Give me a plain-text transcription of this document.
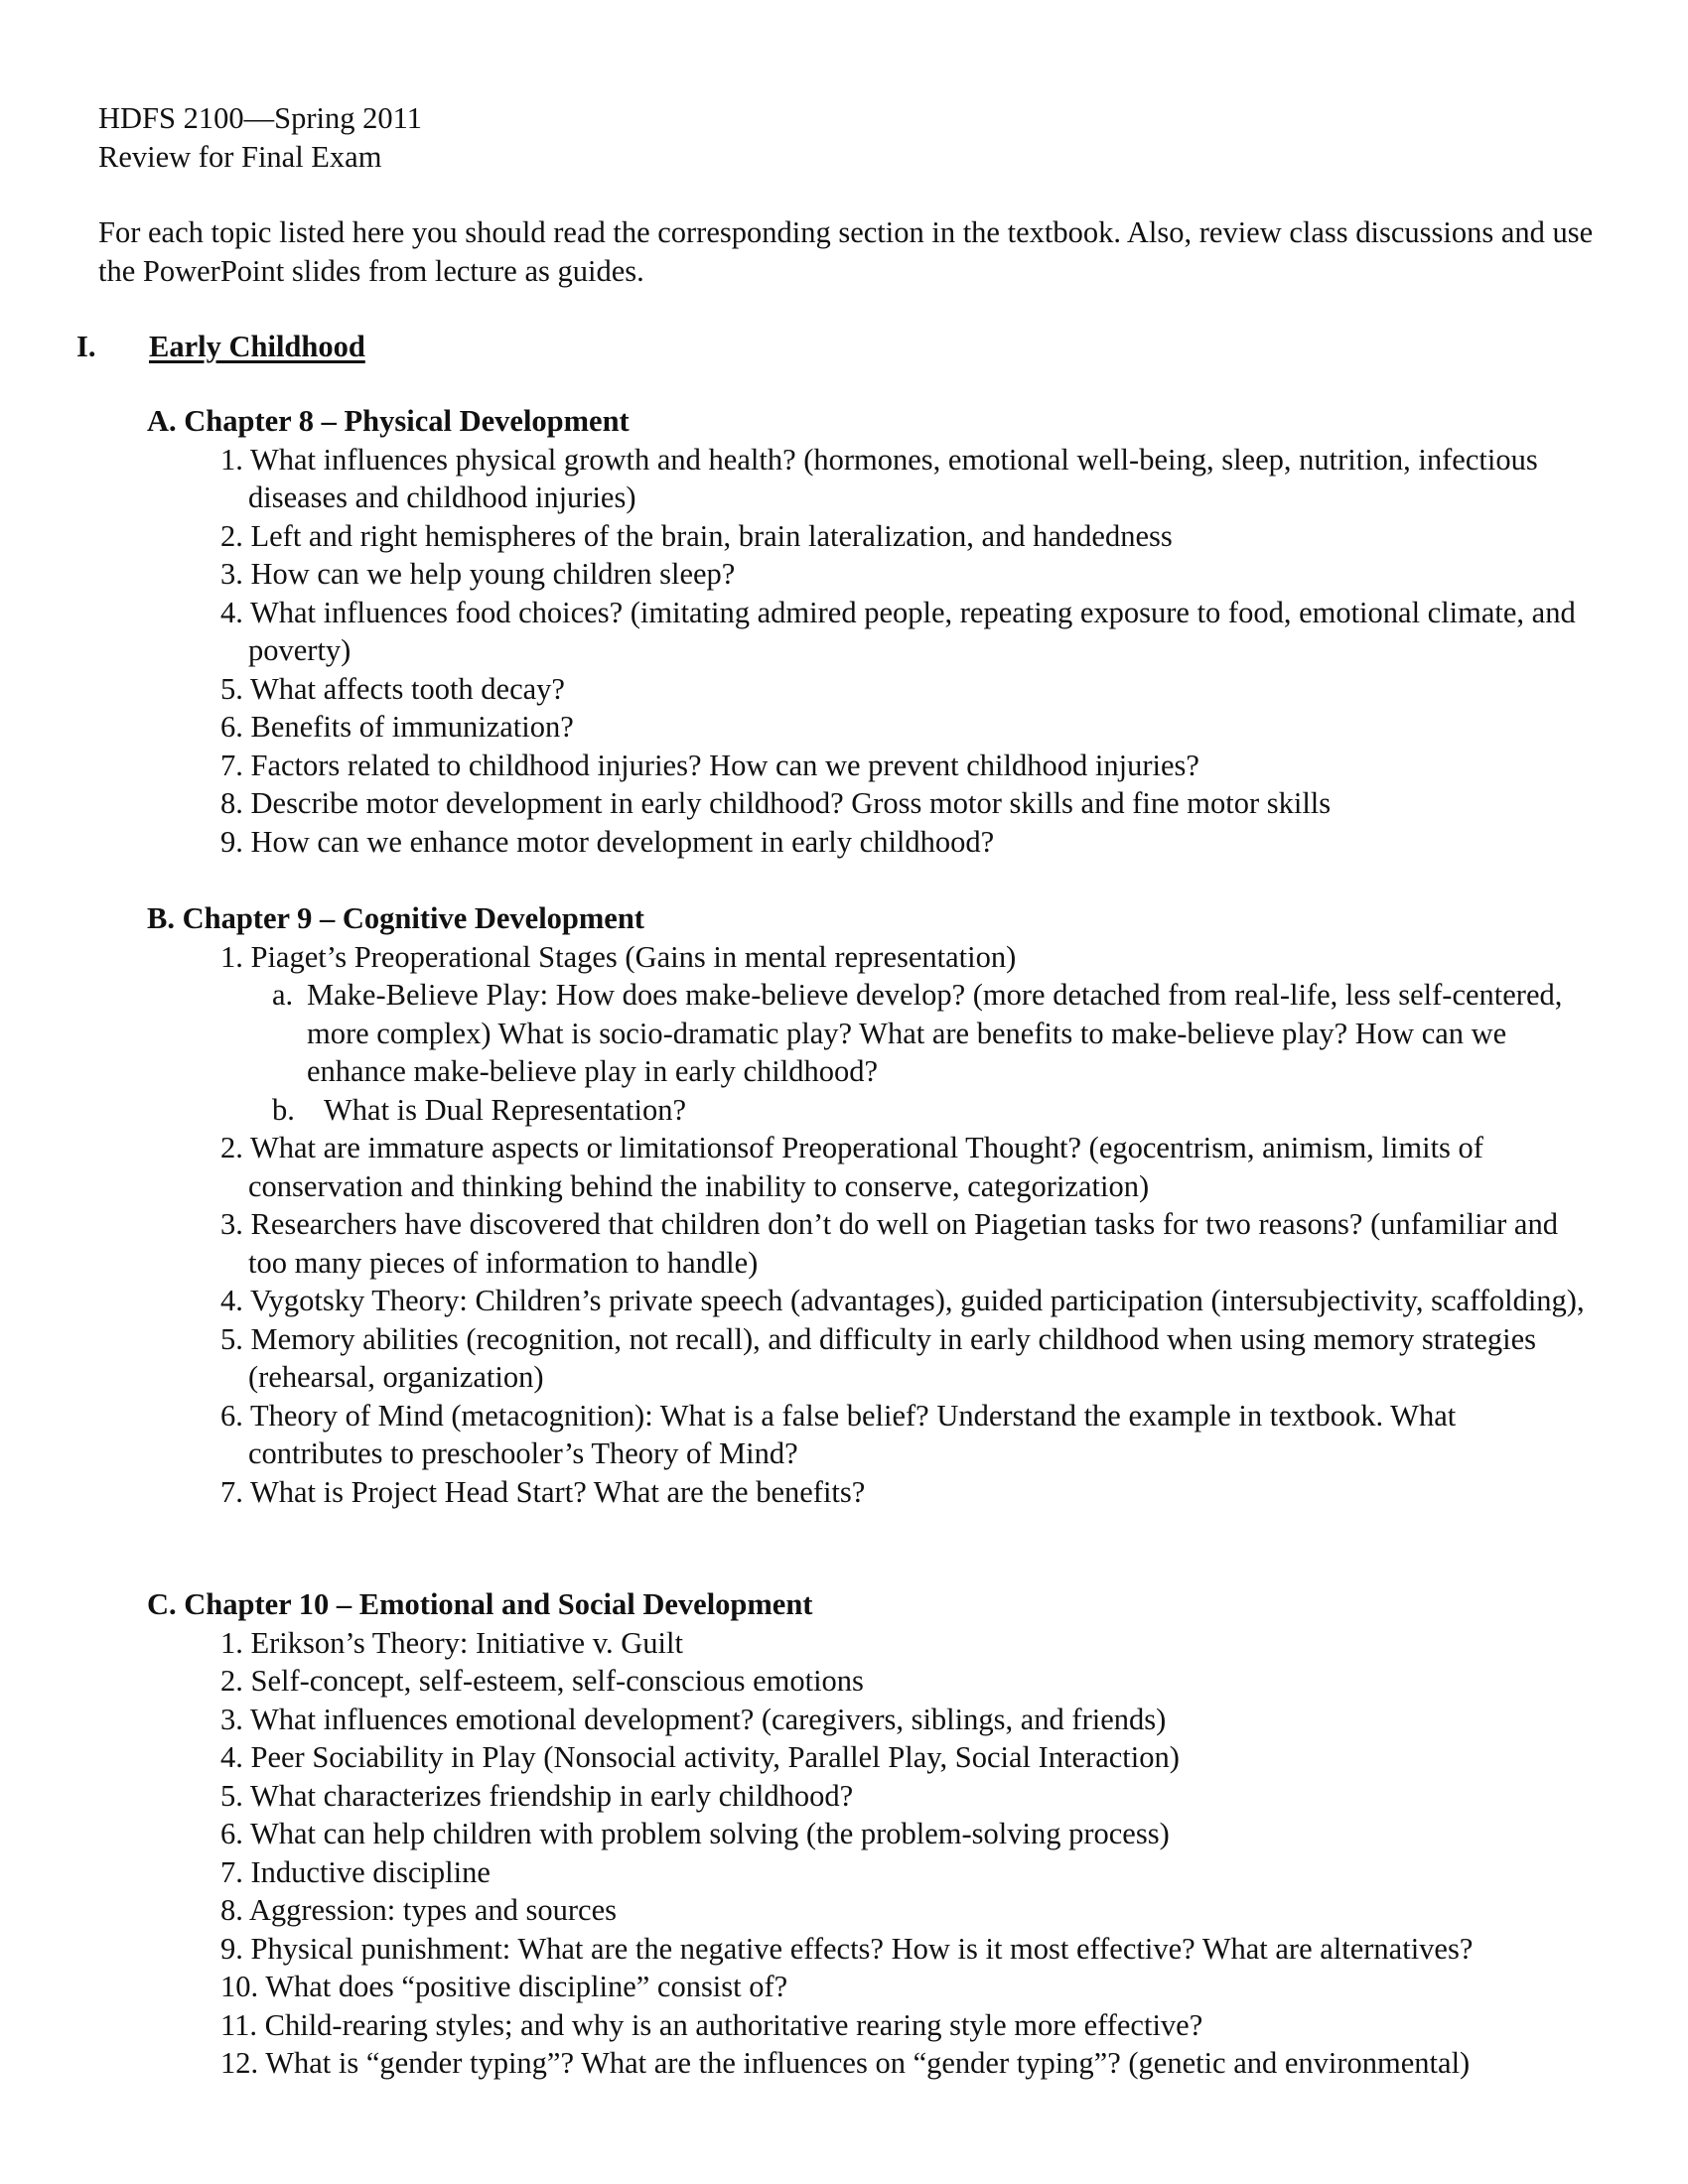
HDFS 2100—Spring 2011
Review for Final Exam
For each topic listed here you should read the corresponding section in the textbook. Also, review class discussions and use the PowerPoint slides from lecture as guides.
I. Early Childhood
A. Chapter 8 – Physical Development
1. What influences physical growth and health? (hormones, emotional well-being, sleep, nutrition, infectious diseases and childhood injuries)
2. Left and right hemispheres of the brain, brain lateralization, and handedness
3. How can we help young children sleep?
4. What influences food choices? (imitating admired people, repeating exposure to food, emotional climate, and poverty)
5. What affects tooth decay?
6. Benefits of immunization?
7. Factors related to childhood injuries? How can we prevent childhood injuries?
8. Describe motor development in early childhood? Gross motor skills and fine motor skills
9. How can we enhance motor development in early childhood?
B. Chapter 9 – Cognitive Development
1. Piaget’s Preoperational Stages (Gains in mental representation)
a. Make-Believe Play: How does make-believe develop? (more detached from real-life, less self-centered, more complex) What is socio-dramatic play? What are benefits to make-believe play? How can we enhance make-believe play in early childhood?
b. What is Dual Representation?
2. What are immature aspects or limitationsof Preoperational Thought? (egocentrism, animism, limits of conservation and thinking behind the inability to conserve, categorization)
3. Researchers have discovered that children don’t do well on Piagetian tasks for two reasons? (unfamiliar and too many pieces of information to handle)
4. Vygotsky Theory: Children’s private speech (advantages), guided participation (intersubjectivity, scaffolding),
5. Memory abilities (recognition, not recall), and difficulty in early childhood when using memory strategies (rehearsal, organization)
6. Theory of Mind (metacognition): What is a false belief? Understand the example in textbook. What contributes to preschooler’s Theory of Mind?
7. What is Project Head Start? What are the benefits?
C. Chapter 10 – Emotional and Social Development
1. Erikson’s Theory: Initiative v. Guilt
2. Self-concept, self-esteem, self-conscious emotions
3. What influences emotional development? (caregivers, siblings, and friends)
4. Peer Sociability in Play (Nonsocial activity, Parallel Play, Social Interaction)
5. What characterizes friendship in early childhood?
6. What can help children with problem solving (the problem-solving process)
7. Inductive discipline
8. Aggression: types and sources
9. Physical punishment: What are the negative effects? How is it most effective? What are alternatives?
10. What does “positive discipline” consist of?
11. Child-rearing styles; and why is an authoritative rearing style more effective?
12. What is “gender typing”? What are the influences on “gender typing”? (genetic and environmental)
